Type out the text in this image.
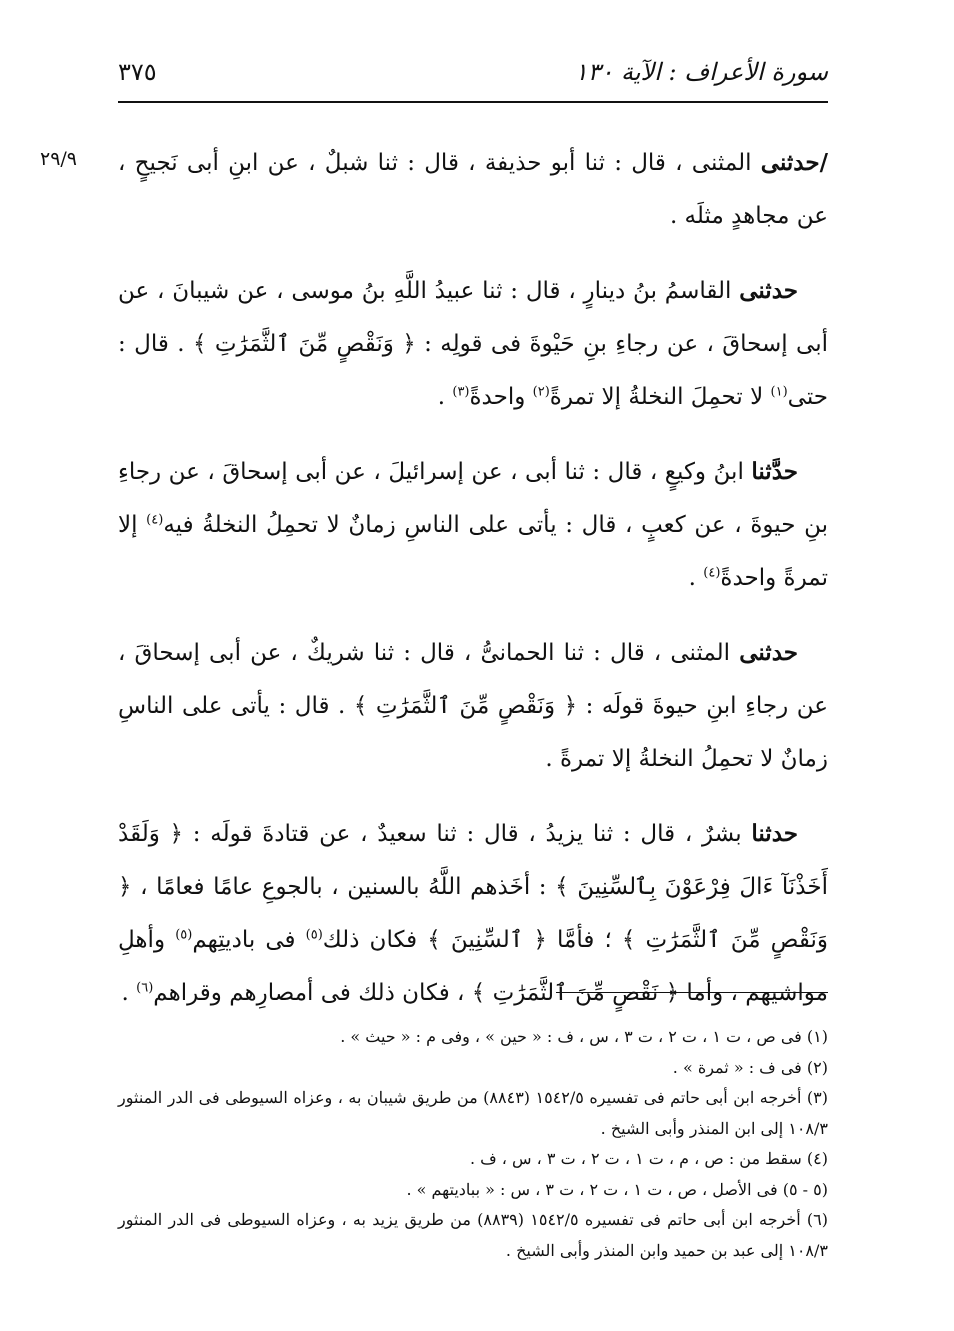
سورة الأعراف : الآية ١٣٠
٣٧٥
٢٩/٩	/حدثنى المثنى ، قال : ثنا أبو حذيفة ، قال : ثنا شبلٌ ، عن ابنِ أبى نَجيحٍ ، عن مجاهدٍ مثلَه .

حدثنى القاسمُ بنُ دينارٍ ، قال : ثنا عبيدُ اللَّهِ بنُ موسى ، عن شيبانَ ، عن أبى إسحاقَ ، عن رجاءِ بنِ حَيْوةَ فى قولِه : ﴿ وَنَقْصٍ مِّنَ ٱلثَّمَرَٰتِ ﴾ . قال : حتى$^{(١)}$ لا تحمِلَ النخلةُ إلا تمرةً$^{(٢)}$ واحدةً$^{(٣)}$ .

حدَّثنا ابنُ وكيعٍ ، قال : ثنا أبى ، عن إسرائيلَ ، عن أبى إسحاقَ ، عن رجاءِ بنِ حيوةَ ، عن كعبٍ ، قال : يأتى على الناسِ زمانٌ لا تحمِلُ النخلةُ فيه$^{(٤)}$ إلا تمرةً واحدةً$^{(٤)}$ .

حدثنى المثنى ، قال : ثنا الحمانىُّ ، قال : ثنا شريكٌ ، عن أبى إسحاقَ ، عن رجاءِ ابنِ حيوةَ قولَه : ﴿ وَنَقْصٍ مِّنَ ٱلثَّمَرَٰتِ ﴾ . قال : يأتى على الناسِ زمانٌ لا تحمِلُ النخلةُ إلا تمرةً .

حدثنا بشرٌ ، قال : ثنا يزيدُ ، قال : ثنا سعيدٌ ، عن قتادةَ قولَه : ﴿ وَلَقَدْ أَخَذْنَآ ءَالَ فِرْعَوْنَ بِٱلسِّنِينَ ﴾ : أخَذهم اللَّهُ بالسنين ، بالجوعِ عامًا فعامًا ، ﴿ وَنَقْصٍ مِّنَ ٱلثَّمَرَٰتِ ﴾ ؛ فأمَّا ﴿ ٱلسِّنِينَ ﴾ فكان ذلك$^{(٥)}$ فى باديتِهم$^{(٥)}$ وأهلِ مواشيهم ، وأما ﴿ نَقْصٍ مِّنَ ٱلثَّمَرَٰتِ ﴾ ، فكان ذلك فى أمصارِهم وقراهم$^{(٦)}$ .

(١) فى ص ، ت ١ ، ت ٢ ، ت ٣ ، س ، ف : « حين » ، وفى م : « حيث » .

(٢) فى ف : « ثمرة » .

(٣) أخرجه ابن أبى حاتم فى تفسيره ١٥٤٢/٥ (٨٨٤٣) من طريق شيبان به ، وعزاه السيوطى فى الدر المنثور ١٠٨/٣ إلى ابن المنذر وأبى الشيخ .

(٤) سقط من : ص ، م ، ت ١ ، ت ٢ ، ت ٣ ، س ، ف .

(٥ - ٥) فى الأصل ، ص ، ت ١ ، ت ٢ ، ت ٣ ، س : « بباديتهم » .

(٦) أخرجه ابن أبى حاتم فى تفسيره ١٥٤٢/٥ (٨٨٣٩) من طريق يزيد به ، وعزاه السيوطى فى الدر المنثور ١٠٨/٣ إلى عبد بن حميد وابن المنذر وأبى الشيخ .
